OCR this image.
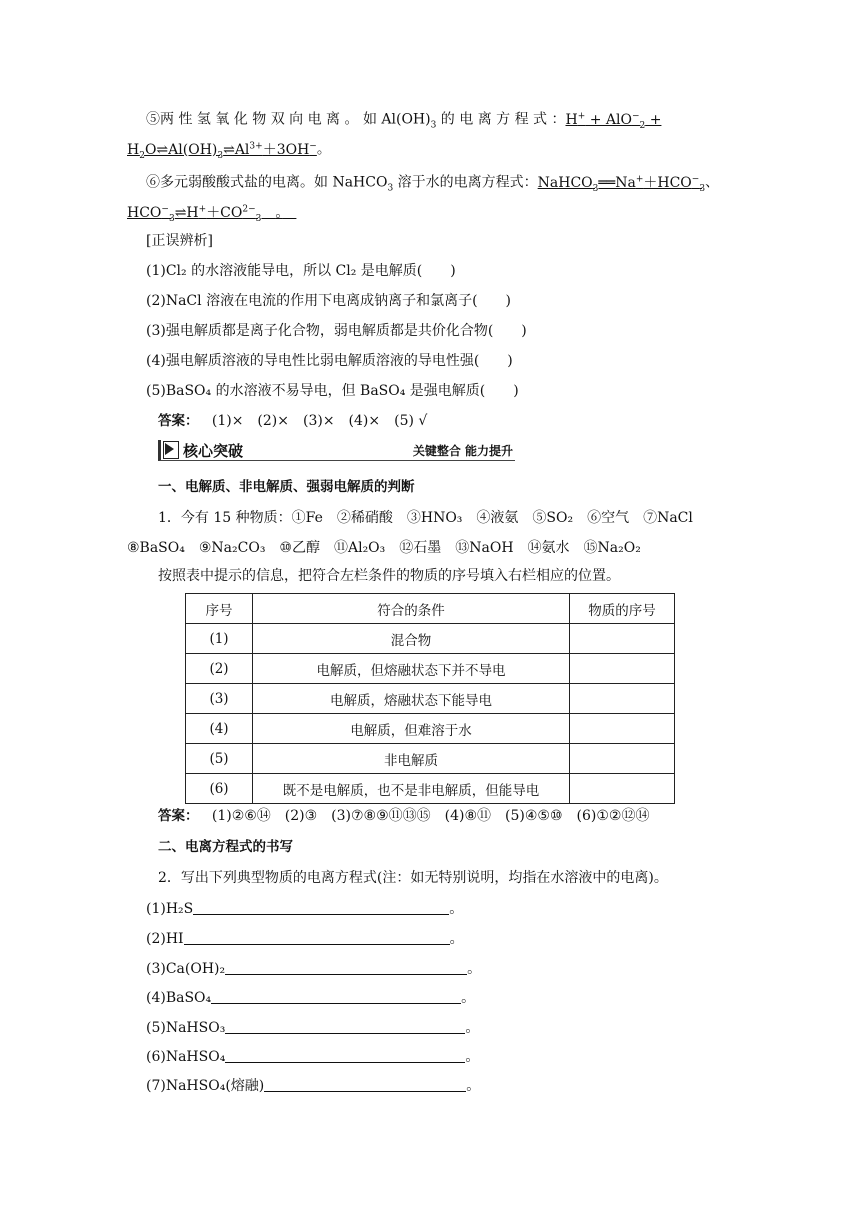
⑤两 性 氢 氧 化 物 双 向 电 离 。 如 $Al(OH)_3$ 的 电 离 方 程 式 ：H+ + AlO−$_2$ +
$H_2O\rightleftharpoons Al(OH)_3\rightleftharpoons Al^{3+}+3OH^-$。
⑥多元弱酸酸式盐的电离。如 NaHCO$_3$ 溶于水的电离方程式：$NaHCO_3══Na^++HCO^-_3$、
$HCO^-_3\rightleftharpoons H^++CO^{2-}_3$　 。　
[正误辨析]
(1)Cl₂ 的水溶液能导电，所以 Cl₂ 是电解质(　　)
(2)NaCl 溶液在电流的作用下电离成钠离子和氯离子(　　)
(3)强电解质都是离子化合物，弱电解质都是共价化合物(　　)
(4)强电解质溶液的导电性比弱电解质溶液的导电性强(　　)
(5)BaSO₄ 的水溶液不易导电，但 BaSO₄ 是强电解质(　　)
答案： (1)×　(2)×　(3)×　(4)×　(5) √
核心突破	关键整合 能力提升
一、电解质、非电解质、强弱电解质的判断
1．今有 15 种物质：①Fe　②稀硝酸　③HNO₃　④液氨　⑤SO₂　⑥空气　⑦NaCl
⑧BaSO₄　⑨Na₂CO₃　⑩乙醇　⑪Al₂O₃　⑫石墨　⑬NaOH　⑭氨水　⑮Na₂O₂
按照表中提示的信息，把符合左栏条件的物质的序号填入右栏相应的位置。
序号	符合的条件	物质的序号
(1)	混合物	
(2)	电解质，但熔融状态下并不导电	
(3)	电解质，熔融状态下能导电	
(4)	电解质，但难溶于水	
(5)	非电解质	
(6)	既不是电解质，也不是非电解质，但能导电	
答案： (1)②⑥⑭　(2)③　(3)⑦⑧⑨⑪⑬⑮　(4)⑧⑪　(5)④⑤⑩　(6)①②⑫⑭
二、电离方程式的书写
2．写出下列典型物质的电离方程式(注：如无特别说明，均指在水溶液中的电离)。
(1)H₂S	。
(2)HI	。
(3)Ca(OH)₂	。
(4)BaSO₄	。
(5)NaHSO₃	。
(6)NaHSO₄	。
(7)NaHSO₄(熔融)	。
